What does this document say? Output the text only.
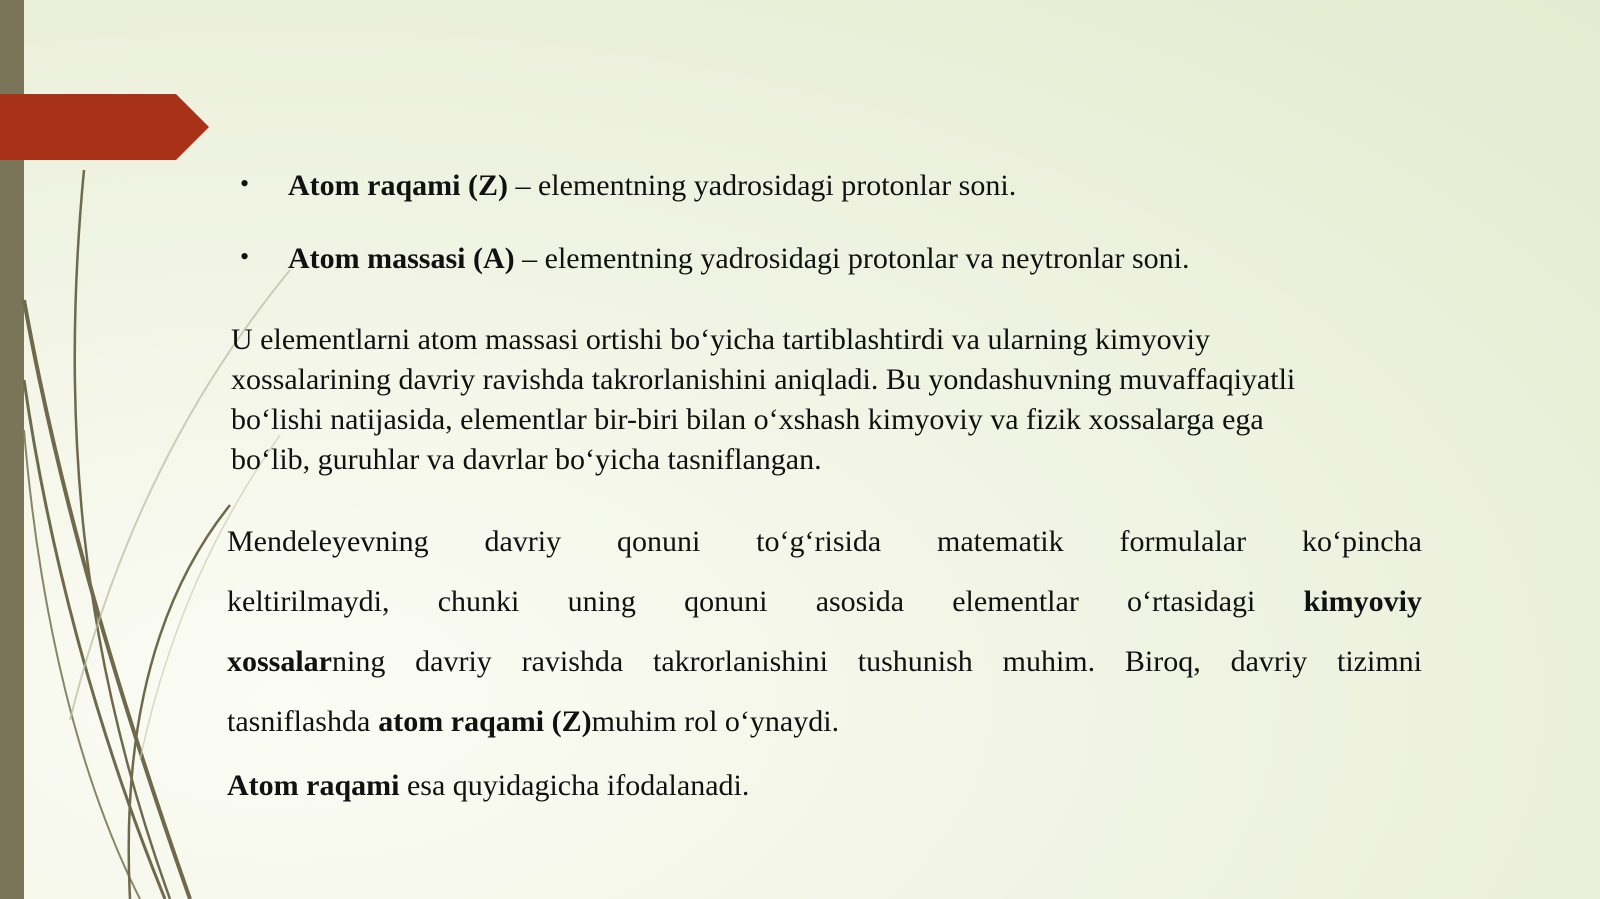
• Atom raqami (Z) – elementning yadrosidagi protonlar soni.
• Atom massasi (A) – elementning yadrosidagi protonlar va neytronlar soni.
U elementlarni atom massasi ortishi bo‘yicha tartiblashtirdi va ularning kimyoviy
xossalarining davriy ravishda takrorlanishini aniqladi. Bu yondashuvning muvaffaqiyatli
bo‘lishi natijasida, elementlar bir-biri bilan o‘xshash kimyoviy va fizik xossalarga ega
bo‘lib, guruhlar va davrlar bo‘yicha tasniflangan.
Mendeleyevning davriy qonuni to‘g‘risida matematik formulalar ko‘pincha
keltirilmaydi, chunki uning qonuni asosida elementlar o‘rtasidagi kimyoviy
xossalarning davriy ravishda takrorlanishini tushunish muhim. Biroq, davriy tizimni
tasniflashda atom raqami (Z) muhim rol o‘ynaydi.
Atom raqami esa quyidagicha ifodalanadi.
